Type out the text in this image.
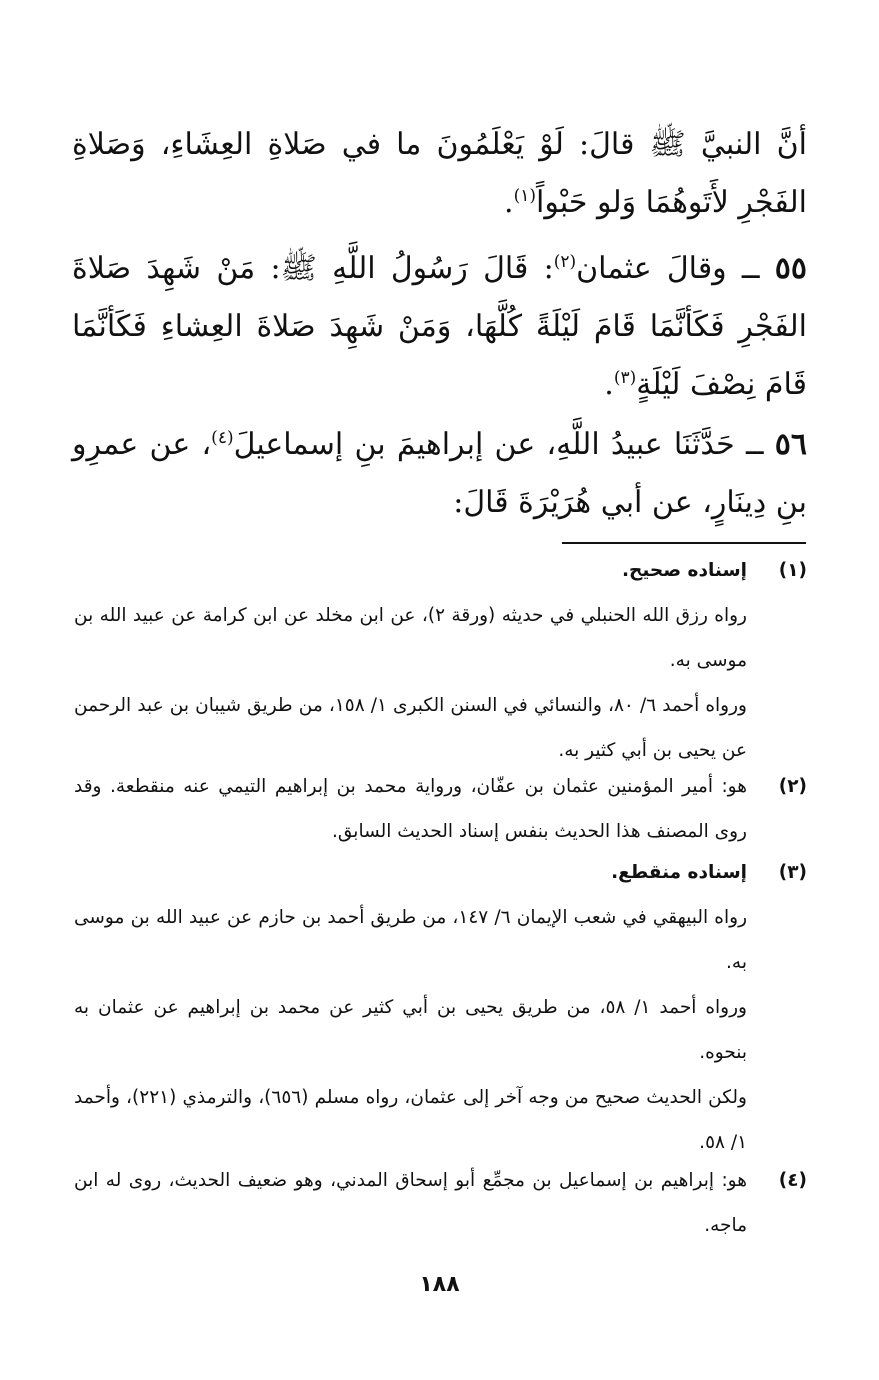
أنَّ النبيَّ ﷺ قالَ: لَوْ يَعْلَمُونَ ما في صَلاةِ العِشَاءِ، وَصَلاةِ الفَجْرِ لأَتَوهُمَا وَلو حَبْواً$^{(١)}$.
٥٥ ــ وقالَ عثمان$^{(٢)}$: قَالَ رَسُولُ اللَّهِ ﷺ: مَنْ شَهِدَ صَلاةَ الفَجْرِ فَكَأنَّمَا قَامَ لَيْلَةً كُلَّهَا، وَمَنْ شَهِدَ صَلاةَ العِشاءِ فَكَأنَّمَا قَامَ نِصْفَ لَيْلَةٍ$^{(٣)}$.
٥٦ ــ حَدَّثَنَا عبيدُ اللَّهِ، عن إبراهيمَ بنِ إسماعيلَ$^{(٤)}$، عن عمرِو بنِ دِينَارٍ، عن أبي هُرَيْرَةَ قَالَ:
(١)
إسناده صحيح.
رواه رزق الله الحنبلي في حديثه (ورقة ٢)، عن ابن مخلد عن ابن كرامة عن عبيد الله بن موسى به.
ورواه أحمد ٦/ ٨٠، والنسائي في السنن الكبرى ١/ ١٥٨، من طريق شيبان بن عبد الرحمن عن يحيى بن أبي كثير به.
(٢)
هو: أمير المؤمنين عثمان بن عفّان، ورواية محمد بن إبراهيم التيمي عنه منقطعة. وقد روى المصنف هذا الحديث بنفس إسناد الحديث السابق.
(٣)
إسناده منقطع.
رواه البيهقي في شعب الإيمان ٦/ ١٤٧، من طريق أحمد بن حازم عن عبيد الله بن موسى به.
ورواه أحمد ١/ ٥٨، من طريق يحيى بن أبي كثير عن محمد بن إبراهيم عن عثمان به بنحوه.
ولكن الحديث صحيح من وجه آخر إلى عثمان، رواه مسلم (٦٥٦)، والترمذي (٢٢١)، وأحمد ١/ ٥٨.
(٤)
هو: إبراهيم بن إسماعيل بن مجمِّع أبو إسحاق المدني، وهو ضعيف الحديث، روى له ابن ماجه.
١٨٨
